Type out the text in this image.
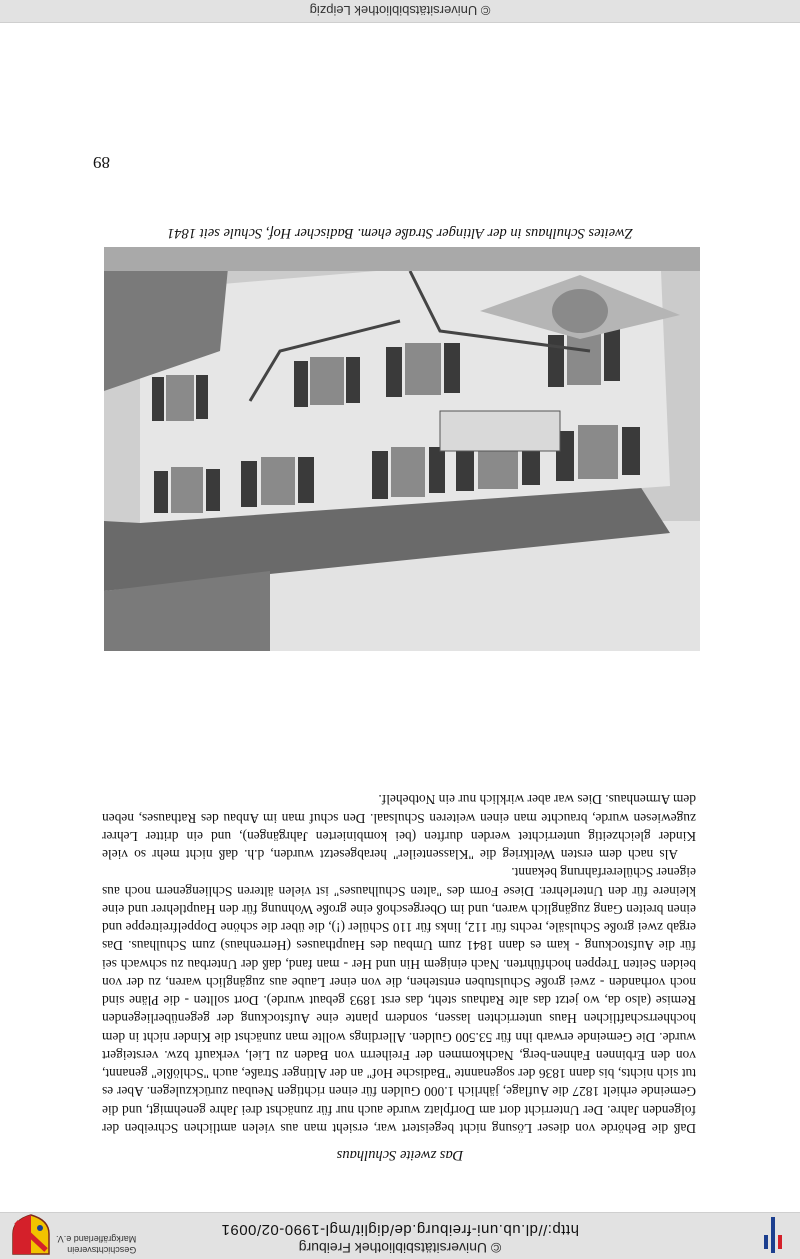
© Universitätsbibliothek Freiburg
http://dl.ub.uni-freiburg.de/diglit/mgl-1990-02/0091
Geschichtsverein
Markgräflerland e.V.
Das zweite Schulhaus

Daß die Behörde von dieser Lösung nicht begeistert war, ersieht man aus vielen amtlichen Schreiben der folgenden Jahre. Der Unterricht dort am Dorfplatz wurde auch nur für zunächst drei Jahre genehmigt, und die Gemeinde erhielt 1827 die Auflage, jährlich 1.000 Gulden für einen richtigen Neubau zurückzulegen. Aber es tut sich nichts, bis dann 1836 der sogenannte "Badische Hof" an der Altinger Straße, auch "Schlößle" genannt, von den Erbinnen Fahnen-berg, Nachkommen der Freiherrn von Baden zu Liel, verkauft bzw. versteigert wurde. Die Gemeinde erwarb ihn für 53.500 Gulden. Allerdings wollte man zunächst die Kinder nicht in dem hochherrschaftlichen Haus unterrichten lassen, sondern plante eine Aufstockung der gegenüberliegenden Remise (also da, wo jetzt das alte Rathaus steht, das erst 1893 gebaut wurde). Dort sollten - die Pläne sind noch vorhanden - zwei große Schulstuben entstehen, die von einer Laube aus zugänglich waren, zu der von beiden Seiten Treppen hochführten. Nach einigem Hin und Her - man fand, daß der Unterbau zu schwach sei für die Aufstockung - kam es dann 1841 zum Umbau des Haupthauses (Herrenhaus) zum Schulhaus. Das ergab zwei große Schulsäle, rechts für 112, links für 110 Schüler (!), die über die schöne Doppelfreitreppe und einen breiten Gang zugänglich waren, und im Obergeschoß eine große Wohnung für den Hauptlehrer und eine kleinere für den Unterlehrer. Diese Form des "alten Schulhauses" ist vielen älteren Schliengenern noch aus eigener Schülererfahrung bekannt.

Als nach dem ersten Weltkrieg die "Klassenteiler" herabgesetzt wurden, d.h. daß nicht mehr so viele Kinder gleichzeitig unterrichtet werden durften (bei kombinierten Jahrgängen), und ein dritter Lehrer zugewiesen wurde, brauchte man einen weiteren Schulsaal. Den schuf man im Anbau des Rathauses, neben dem Armenhaus. Dies war aber wirklich nur ein Notbehelf.

Zweites Schulhaus in der Altinger Straße ehem. Badischer Hof, Schule seit 1841
89
© Universitätsbibliothek Leipzig
